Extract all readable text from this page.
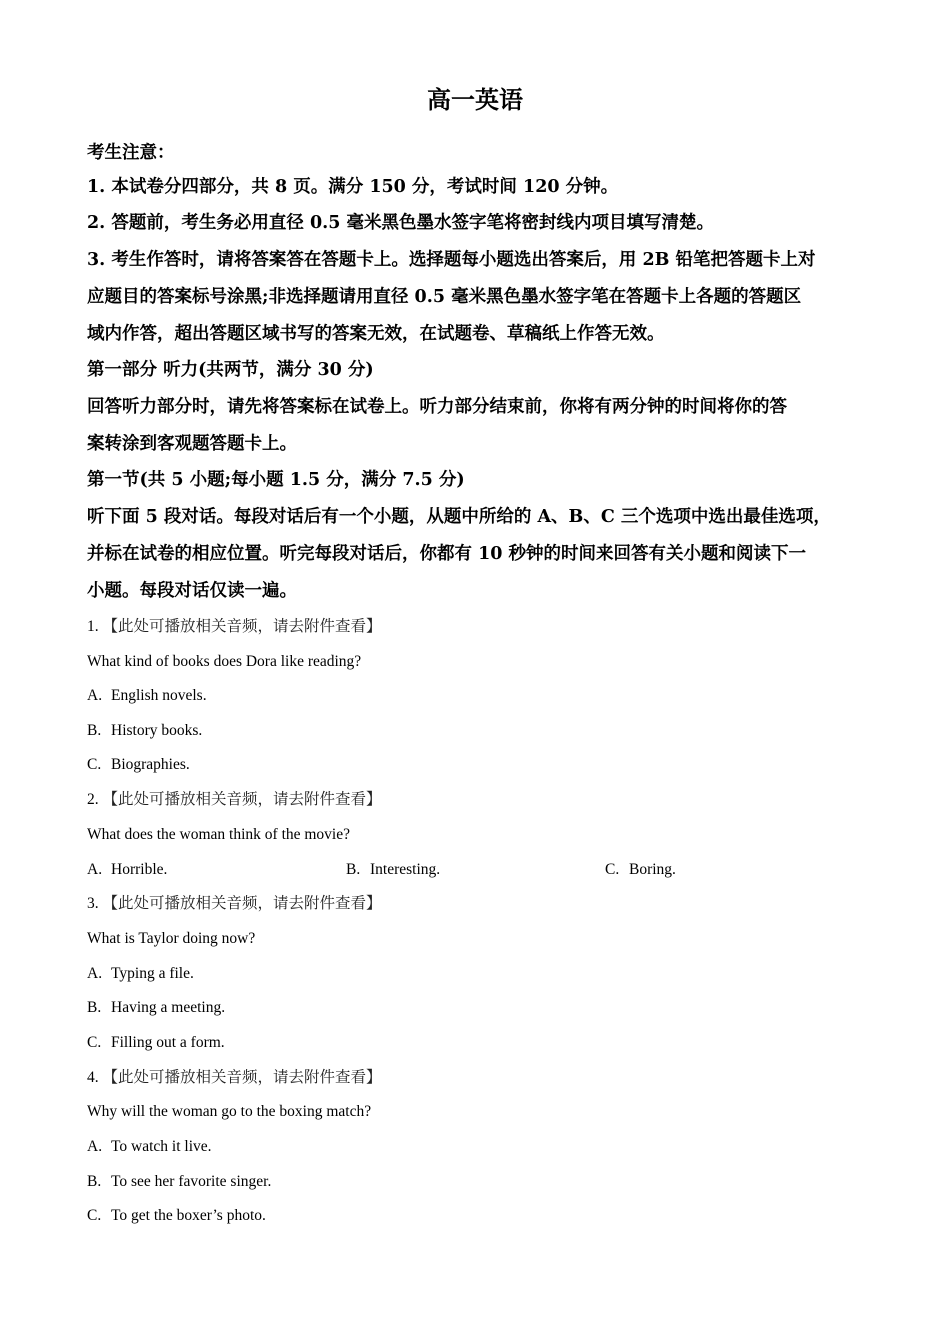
高一英语
考生注意：
1. 本试卷分四部分，共 8 页。满分 150 分，考试时间 120 分钟。
2. 答题前，考生务必用直径 0.5 毫米黑色墨水签字笔将密封线内项目填写清楚。
3. 考生作答时，请将答案答在答题卡上。选择题每小题选出答案后，用 2B 铅笔把答题卡上对
应题目的答案标号涂黑;非选择题请用直径 0.5 毫米黑色墨水签字笔在答题卡上各题的答题区
域内作答，超出答题区域书写的答案无效，在试题卷、草稿纸上作答无效。
第一部分 听力(共两节，满分 30 分)
回答听力部分时，请先将答案标在试卷上。听力部分结束前，你将有两分钟的时间将你的答
案转涂到客观题答题卡上。
第一节(共 5 小题;每小题 1.5 分，满分 7.5 分)
听下面 5 段对话。每段对话后有一个小题，从题中所给的 A、B、C 三个选项中选出最佳选项，
并标在试卷的相应位置。听完每段对话后，你都有 10 秒钟的时间来回答有关小题和阅读下一
小题。每段对话仅读一遍。
1. 【此处可播放相关音频，请去附件查看】
What kind of books does Dora like reading?
A. English novels.
B. History books.
C. Biographies.
2. 【此处可播放相关音频，请去附件查看】
What does the woman think of the movie?
A. Horrible.	B. Interesting.	C. Boring.
3. 【此处可播放相关音频，请去附件查看】
What is Taylor doing now?
A. Typing a file.
B. Having a meeting.
C. Filling out a form.
4. 【此处可播放相关音频，请去附件查看】
Why will the woman go to the boxing match?
A. To watch it live.
B. To see her favorite singer.
C. To get the boxer’s photo.
